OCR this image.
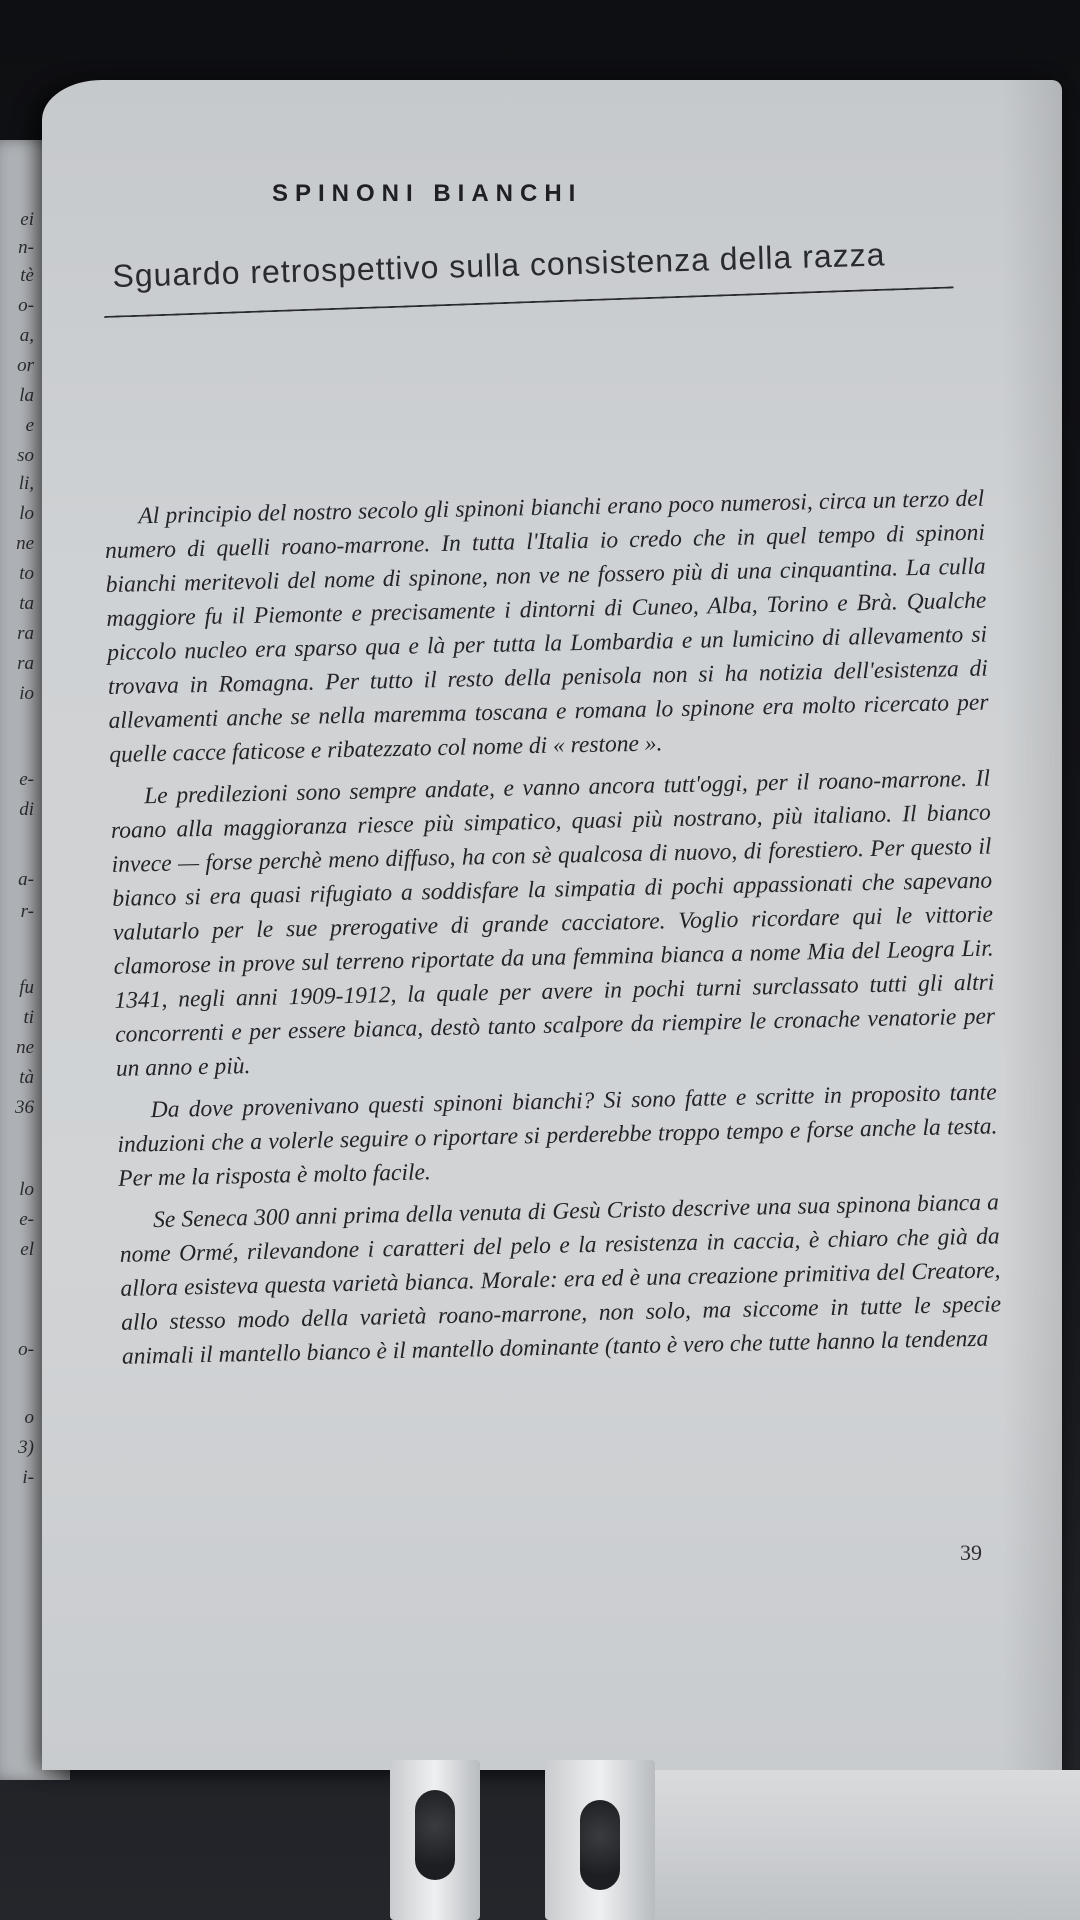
ei
n-
tè
o-
a,
or
la
e
so
li,
lo
ne
to
ta
ra
ra
io
e-
di
a-
r-
fu
ti
ne
tà
36
lo
e-
el
o-
o
3)
i-
SPINONI BIANCHI
Sguardo retrospettivo sulla consistenza della razza

Al principio del nostro secolo gli spinoni bianchi erano poco numerosi, circa un terzo del numero di quelli roano-marrone. In tutta l'Italia io credo che in quel tempo di spinoni bianchi meritevoli del nome di spinone, non ve ne fossero più di una cinquantina. La culla maggiore fu il Piemonte e precisamente i dintorni di Cuneo, Alba, Torino e Brà. Qualche piccolo nucleo era sparso qua e là per tutta la Lombardia e un lumicino di allevamento si trovava in Romagna. Per tutto il resto della penisola non si ha notizia dell'esistenza di allevamenti anche se nella maremma toscana e romana lo spinone era molto ricercato per quelle cacce faticose e ribatezzato col nome di « restone ».

Le predilezioni sono sempre andate, e vanno ancora tutt'oggi, per il roano-marrone. Il roano alla maggioranza riesce più simpatico, quasi più nostrano, più italiano. Il bianco invece — forse perchè meno diffuso, ha con sè qualcosa di nuovo, di forestiero. Per questo il bianco si era quasi rifugiato a soddisfare la simpatia di pochi appassionati che sapevano valutarlo per le sue prerogative di grande cacciatore. Voglio ricordare qui le vittorie clamorose in prove sul terreno riportate da una femmina bianca a nome Mia del Leogra Lir. 1341, negli anni 1909-1912, la quale per avere in pochi turni surclassato tutti gli altri concorrenti e per essere bianca, destò tanto scalpore da riempire le cronache venatorie per un anno e più.

Da dove provenivano questi spinoni bianchi? Si sono fatte e scritte in proposito tante induzioni che a volerle seguire o riportare si perderebbe troppo tempo e forse anche la testa. Per me la risposta è molto facile.

Se Seneca 300 anni prima della venuta di Gesù Cristo descrive una sua spinona bianca a nome Ormé, rilevandone i caratteri del pelo e la resistenza in caccia, è chiaro che già da allora esisteva questa varietà bianca. Morale: era ed è una creazione primitiva del Creatore, allo stesso modo della varietà roano-marrone, non solo, ma siccome in tutte le specie animali il mantello bianco è il mantello dominante (tanto è vero che tutte hanno la tendenza

39
